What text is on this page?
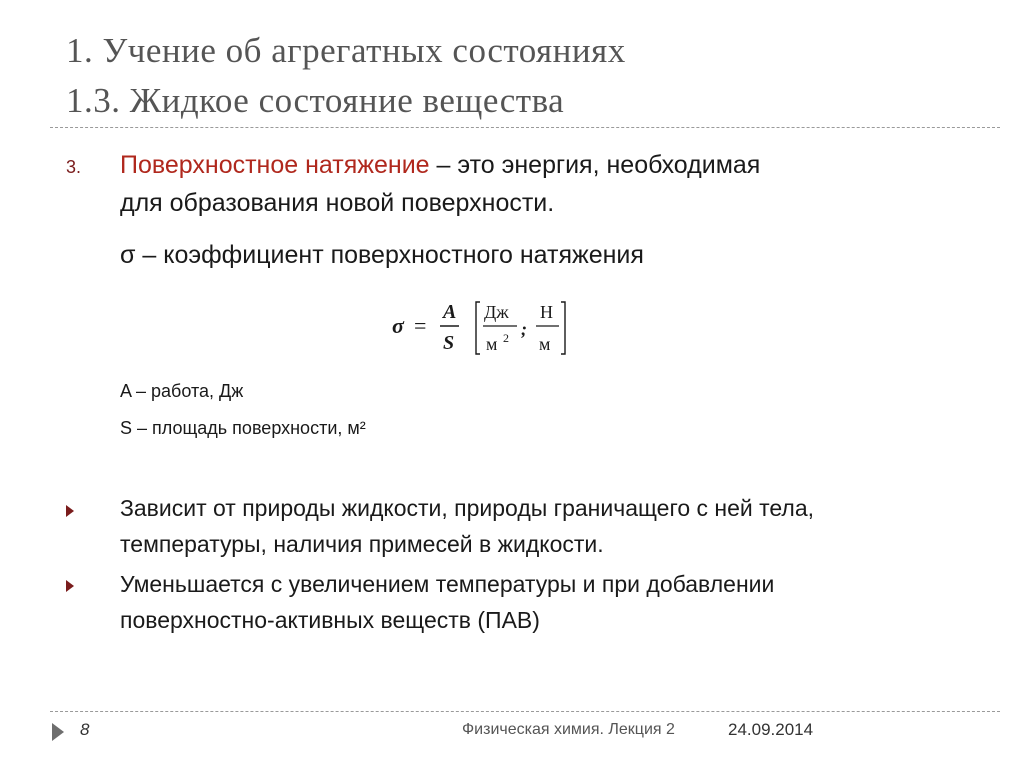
1. Учение об агрегатных состояниях
1.3. Жидкое состояние вещества
3. Поверхностное натяжение – это энергия, необходимая
для образования новой поверхности.
σ – коэффициент поверхностного натяжения
σ =
A
S
Дж
м 2 ;
Н
м
A – работа, Дж
S – площадь поверхности, м²
Зависит от природы жидкости, природы граничащего с ней тела,
температуры, наличия примесей в жидкости.
Уменьшается с увеличением температуры и при добавлении
поверхностно-активных веществ (ПАВ)
8	Физическая химия. Лекция 2	24.09.2014
